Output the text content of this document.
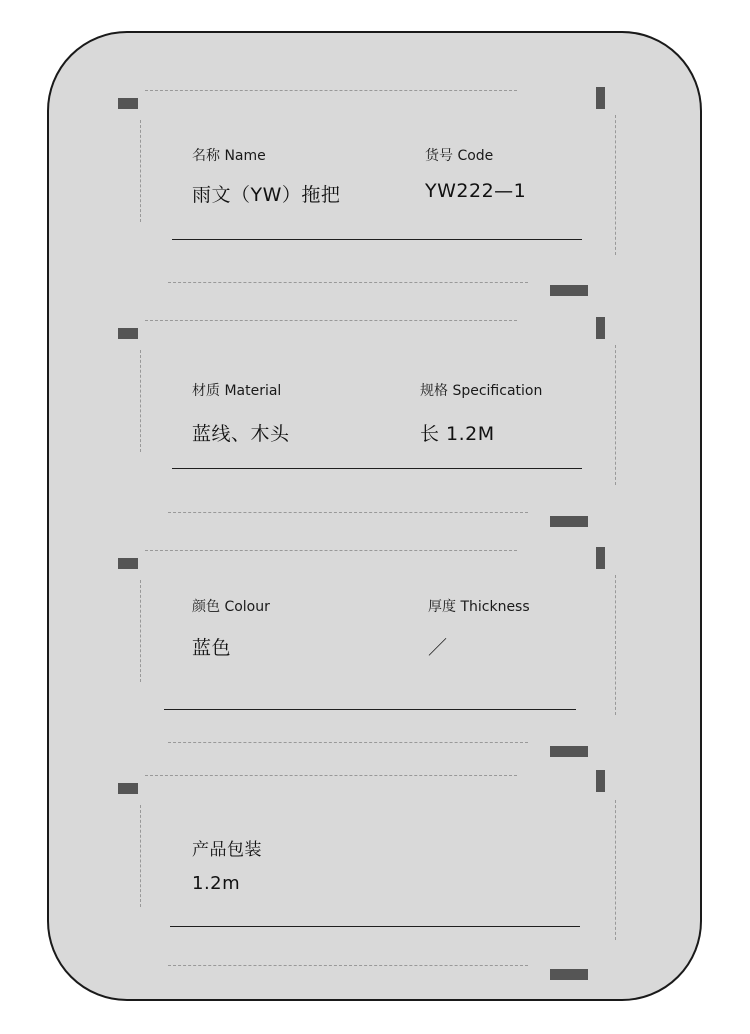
名称 Name	货号 Code
雨文（YW）拖把	YW222—1
材质 Material	规格 Specification
蓝线、木头	长 1.2M
颜色 Colour	厚度 Thickness
蓝色	／
产品包装
1.2m
